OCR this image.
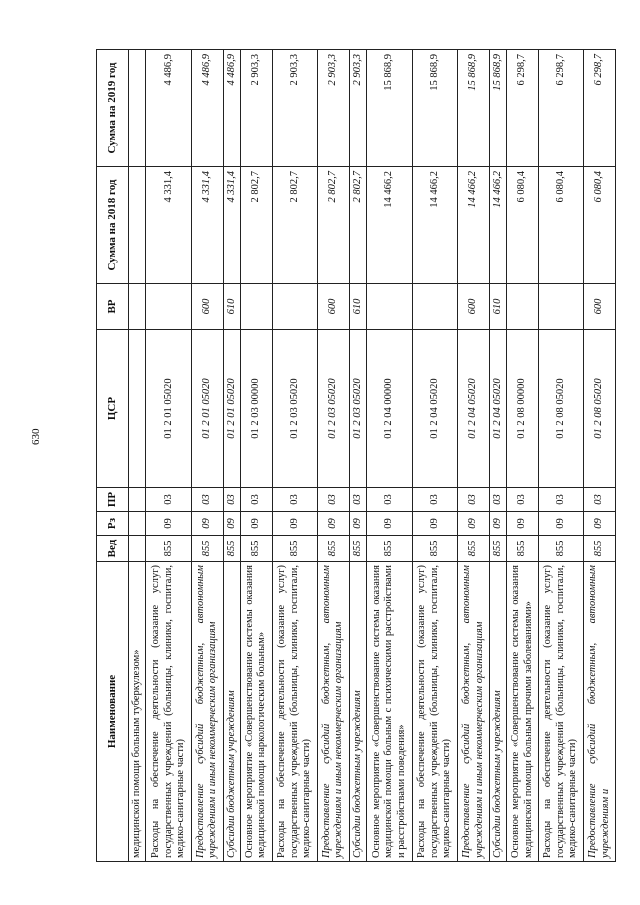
630
Наименование	Вед	Рз	ПР	ЦСР	ВР	Сумма на 2018 год	Сумма на 2019 год
медицинской помощи больным туберкулезом»							
Расходы на обеспечение деятельности (оказание услуг) государственных учреждений (больницы, клиники, госпитали, медико-санитарные части)	855	09	03	01 2 01 05020		4 331,4	4 486,9
Предоставление субсидий бюджетным, автономным учреждениям и иным некоммерческим организациям	855	09	03	01 2 01 05020	600	4 331,4	4 486,9
Субсидии бюджетным учреждениям	855	09	03	01 2 01 05020	610	4 331,4	4 486,9
Основное мероприятие «Совершенствование системы оказания медицинской помощи наркологическим больным»	855	09	03	01 2 03 00000		2 802,7	2 903,3
Расходы на обеспечение деятельности (оказание услуг) государственных учреждений (больницы, клиники, госпитали, медико-санитарные части)	855	09	03	01 2 03 05020		2 802,7	2 903,3
Предоставление субсидий бюджетным, автономным учреждениям и иным некоммерческим организациям	855	09	03	01 2 03 05020	600	2 802,7	2 903,3
Субсидии бюджетным учреждениям	855	09	03	01 2 03 05020	610	2 802,7	2 903,3
Основное мероприятие «Совершенствование системы оказания медицинской помощи больным с психическими расстройствами и расстройствами поведения»	855	09	03	01 2 04 00000		14 466,2	15 868,9
Расходы на обеспечение деятельности (оказание услуг) государственных учреждений (больницы, клиники, госпитали, медико-санитарные части)	855	09	03	01 2 04 05020		14 466,2	15 868,9
Предоставление субсидий бюджетным, автономным учреждениям и иным некоммерческим организациям	855	09	03	01 2 04 05020	600	14 466,2	15 868,9
Субсидии бюджетным учреждениям	855	09	03	01 2 04 05020	610	14 466,2	15 868,9
Основное мероприятие «Совершенствование системы оказания медицинской помощи больным прочими заболеваниями»	855	09	03	01 2 08 00000		6 080,4	6 298,7
Расходы на обеспечение деятельности (оказание услуг) государственных учреждений (больницы, клиники, госпитали, медико-санитарные части)	855	09	03	01 2 08 05020		6 080,4	6 298,7
Предоставление субсидий бюджетным, автономным учреждениям и	855	09	03	01 2 08 05020	600	6 080,4	6 298,7
